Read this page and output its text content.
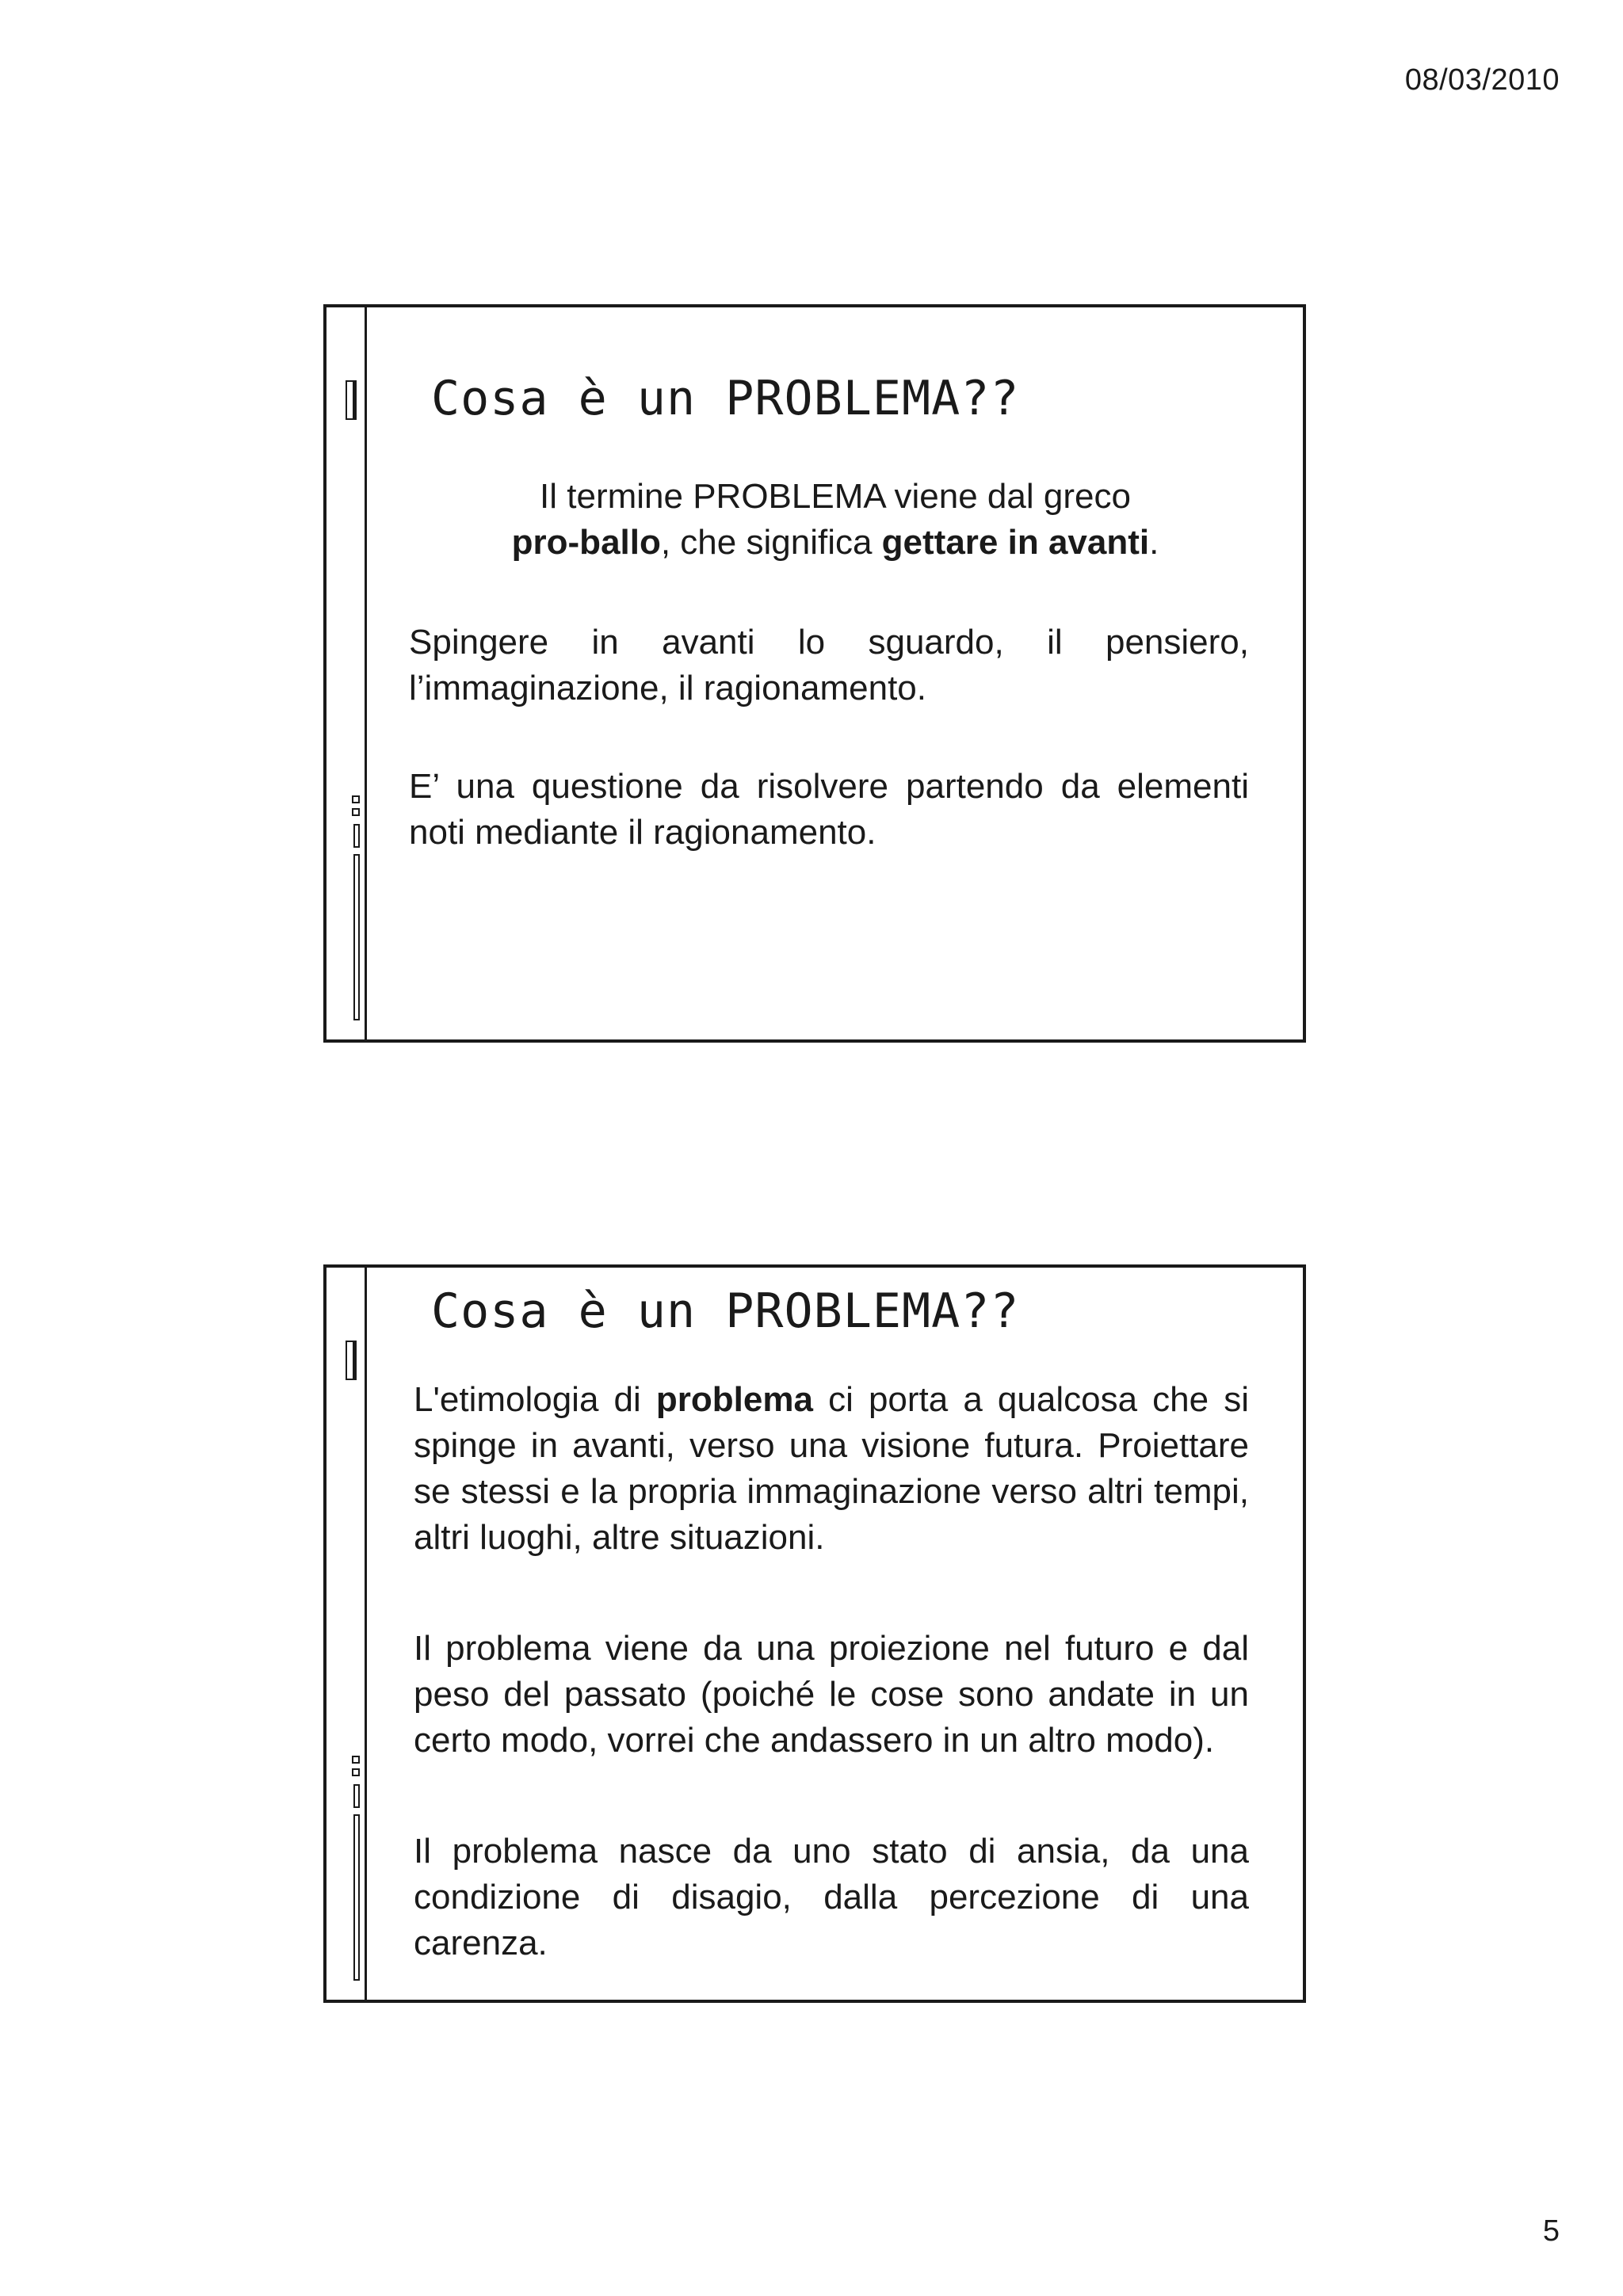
08/03/2010
Cosa è un PROBLEMA??

Il termine PROBLEMA viene dal greco
pro-ballo, che significa gettare in avanti.

Spingere in avanti lo sguardo, il pensiero, l’immaginazione, il ragionamento.

E’ una questione da risolvere partendo da elementi noti mediante il ragionamento.

Cosa è un PROBLEMA??

L'etimologia di problema ci porta a qualcosa che si spinge in avanti, verso una visione futura. Proiettare se stessi e la propria immaginazione verso altri tempi, altri luoghi, altre situazioni.

Il problema viene da una proiezione nel futuro e dal peso del passato (poiché le cose sono andate in un certo modo, vorrei che andassero in un altro modo).

Il problema nasce da uno stato di ansia, da una condizione di disagio, dalla percezione di una carenza.

5
